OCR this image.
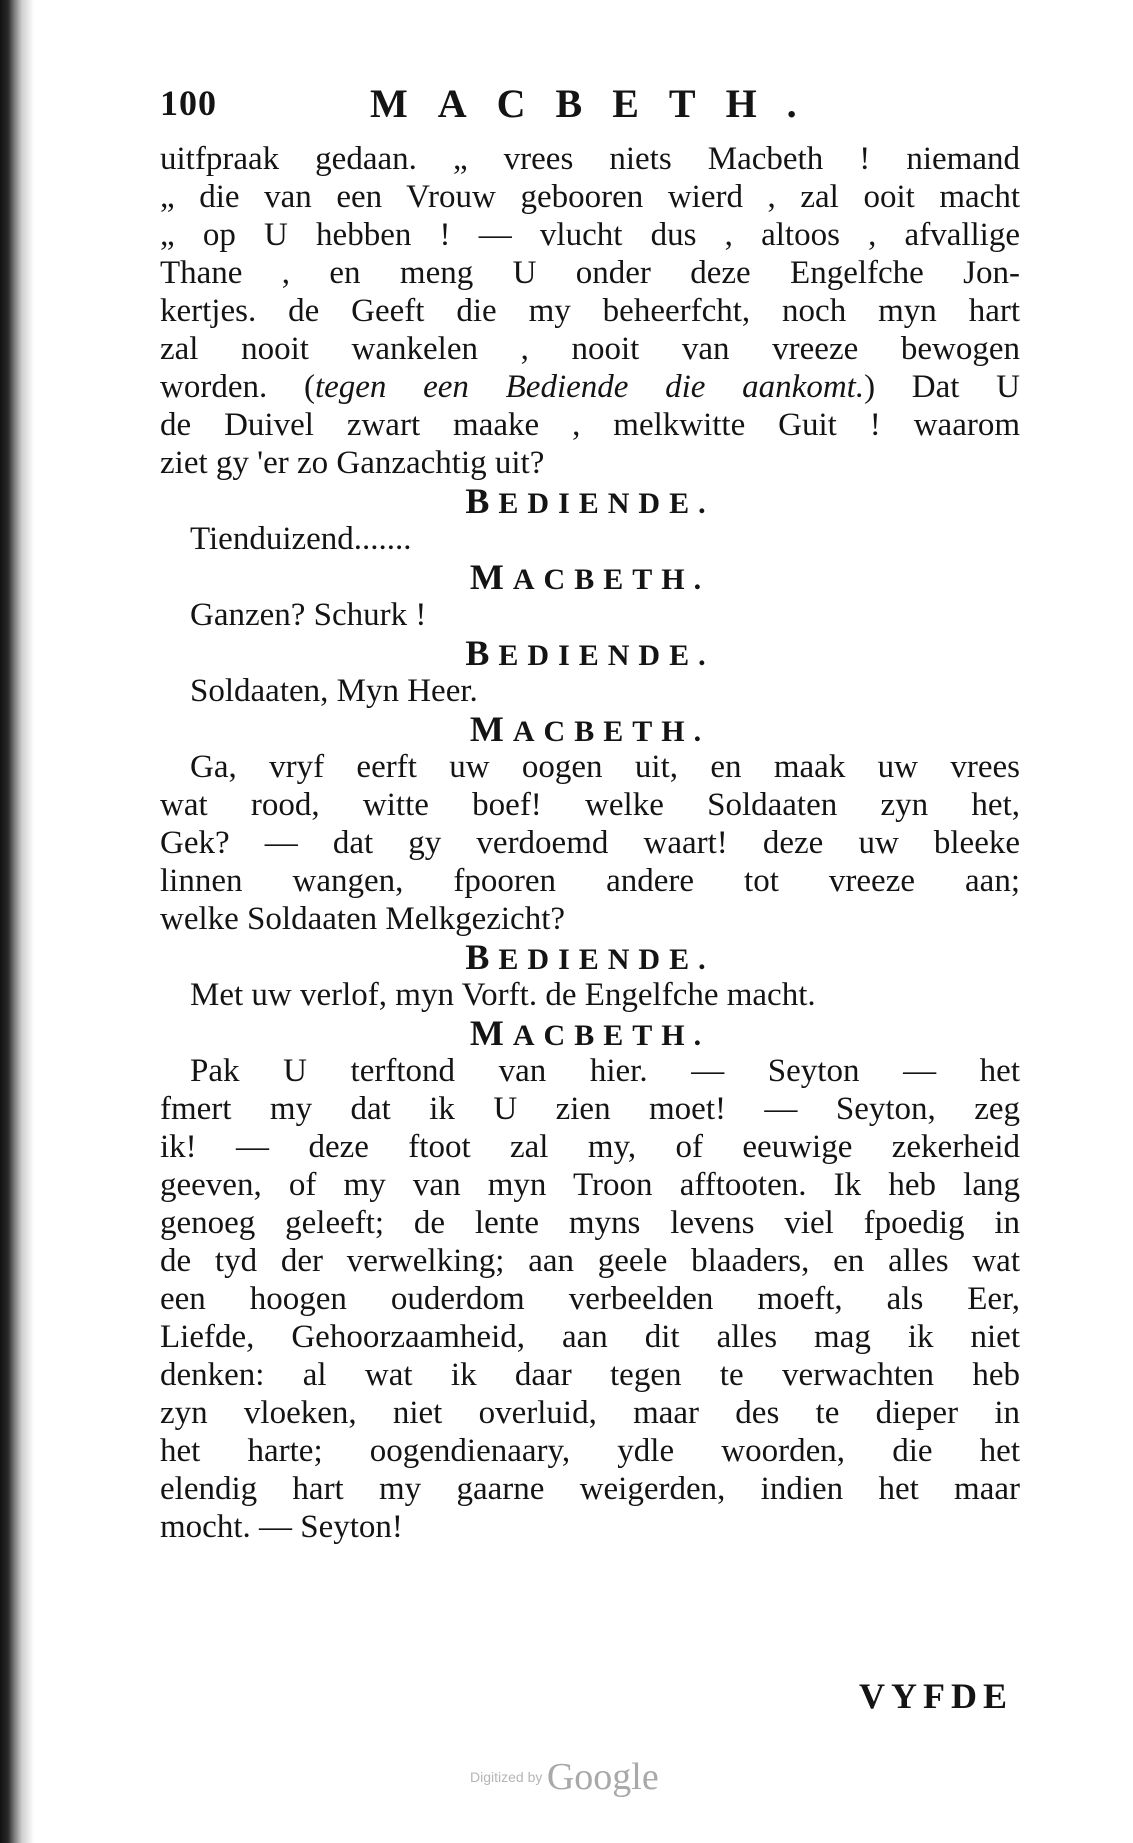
100	MACBETH.
uitfpraak gedaan. „ vrees niets Macbeth ! niemand
„ die van een Vrouw gebooren wierd , zal ooit macht
„ op U hebben ! — vlucht dus , altoos , afvallige
Thane , en meng U onder deze Engelfche Jon-
kertjes. de Geeft die my beheerfcht, noch myn hart
zal nooit wankelen , nooit van vreeze bewogen
worden. (tegen een Bediende die aankomt.) Dat U
de Duivel zwart maake , melkwitte Guit ! waarom
ziet gy 'er zo Ganzachtig uit?
BEDIENDE.
Tienduizend.......
MACBETH.
Ganzen? Schurk !
BEDIENDE.
Soldaaten, Myn Heer.
MACBETH.
Ga, vryf eerft uw oogen uit, en maak uw vrees
wat rood, witte boef! welke Soldaaten zyn het,
Gek? — dat gy verdoemd waart! deze uw bleeke
linnen wangen, fpooren andere tot vreeze aan;
welke Soldaaten Melkgezicht?
BEDIENDE.
Met uw verlof, myn Vorft. de Engelfche macht.
MACBETH.
Pak U terftond van hier. — Seyton — het
fmert my dat ik U zien moet! — Seyton, zeg
ik! — deze ftoot zal my, of eeuwige zekerheid
geeven, of my van myn Troon afftooten. Ik heb lang
genoeg geleeft; de lente myns levens viel fpoedig in
de tyd der verwelking; aan geele blaaders, en alles wat
een hoogen ouderdom verbeelden moeft, als Eer,
Liefde, Gehoorzaamheid, aan dit alles mag ik niet
denken: al wat ik daar tegen te verwachten heb
zyn vloeken, niet overluid, maar des te dieper in
het harte; oogendienaary, ydle woorden, die het
elendig hart my gaarne weigerden, indien het maar
mocht. — Seyton!
VYFDE
Digitized by Google
